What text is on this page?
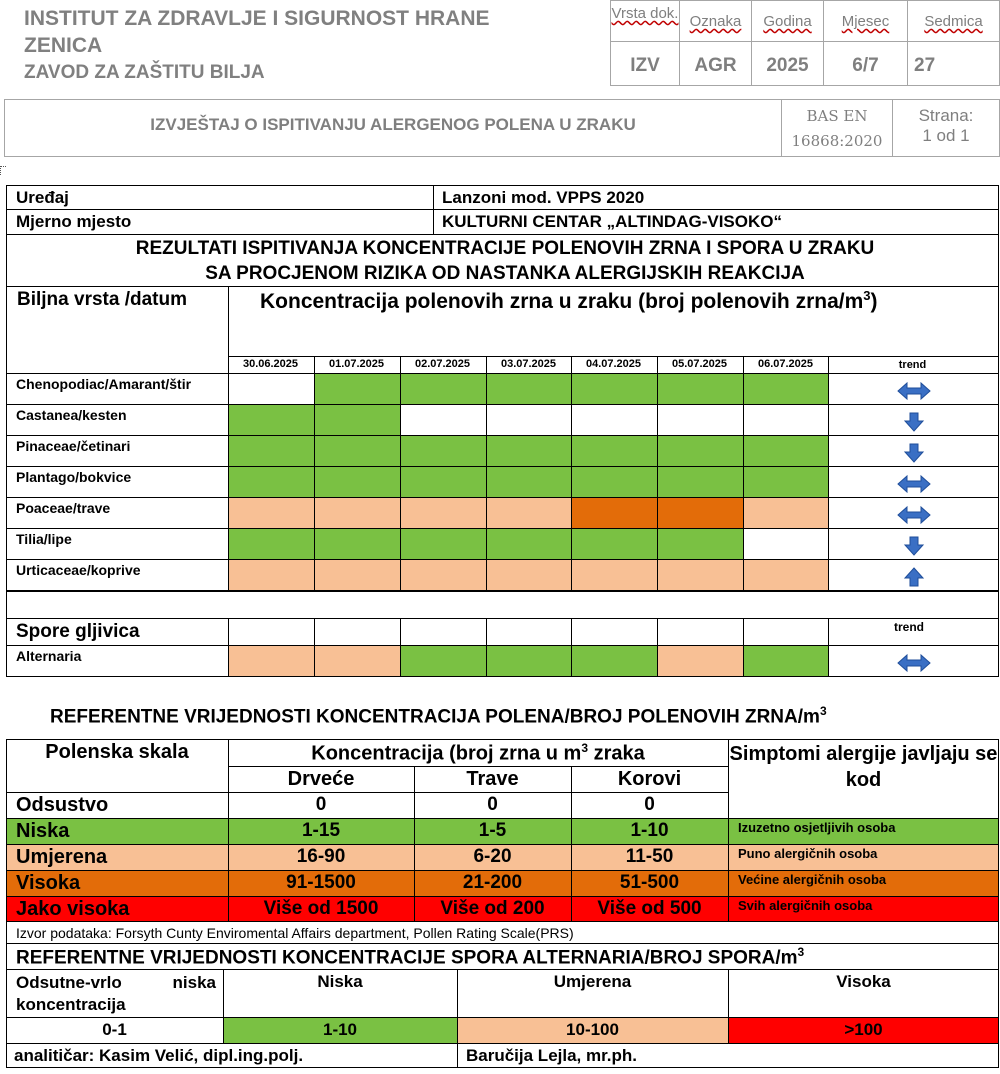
INSTITUT ZA ZDRAVLJE I SIGURNOST HRANE
ZENICA
ZAVOD ZA ZAŠTITU BILJA
Vrsta dok. Oznaka	Godina	Mjesec	Sedmica
IZV	AGR	2025	6/7	27
IZVJEŠTAJ O ISPITIVANJU ALERGENOG POLENA U ZRAKU	BAS EN 16868:2020
Strana:
1 od 1
Uređaj	Lanzoni mod. VPPS 2020
Mjerno mjesto	KULTURNI CENTAR „ALTINDAG-VISOKO“
REZULTATI ISPITIVANJA KONCENTRACIJE POLENOVIH ZRNA I SPORA U ZRAKU SA PROCJENOM RIZIKA OD NASTANKA ALERGIJSKIH REAKCIJA
Biljna vrsta /datum	Koncentracija polenovih zrna u zraku (broj polenovih zrna/$m^3$)
30.06.2025	01.07.2025	02.07.2025	03.07.2025	04.07.2025	05.07.2025	06.07.2025	trend
Chenopodiac/Amarant/štir
Castanea/kesten
Pinaceae/četinari
Plantago/bokvice
Poaceae/trave
Tilia/lipe
Urticaceae/koprive
Alternaria
Spore gljivica	trend
REFERENTNE VRIJEDNOSTI KONCENTRACIJA POLENA/BROJ POLENOVIH ZRNA/$m^3$
Polenska skala	Koncentracija (broj zrna u $m^3$ zraka	Simptomi alergije javljaju se kod
Drveće	Trave	Korovi
Odsustvo	0	0	0
Niska	1-15	1-5	1-10	Izuzetno osjetljivih osoba
Umjerena	16-90	6-20	11-50	Puno alergičnih osoba
Visoka	91-1500	21-200	51-500	Većine alergičnih osoba
Jako visoka	Više od 1500	Više od 200	Više od 500	Svih alergičnih osoba
Izvor podataka: Forsyth Cunty Enviromental Affairs department, Pollen Rating Scale(PRS)
REFERENTNE VRIJEDNOSTI KONCENTRACIJE SPORA ALTERNARIA/BROJ SPORA/$m^3$
Odsutne-vrlo niska koncentracija
Niska	Umjerena	Visoka
0-1	1-10	10-100	>100
analitičar: Kasim Velić, dipl.ing.polj.	Baručija Lejla, mr.ph.
